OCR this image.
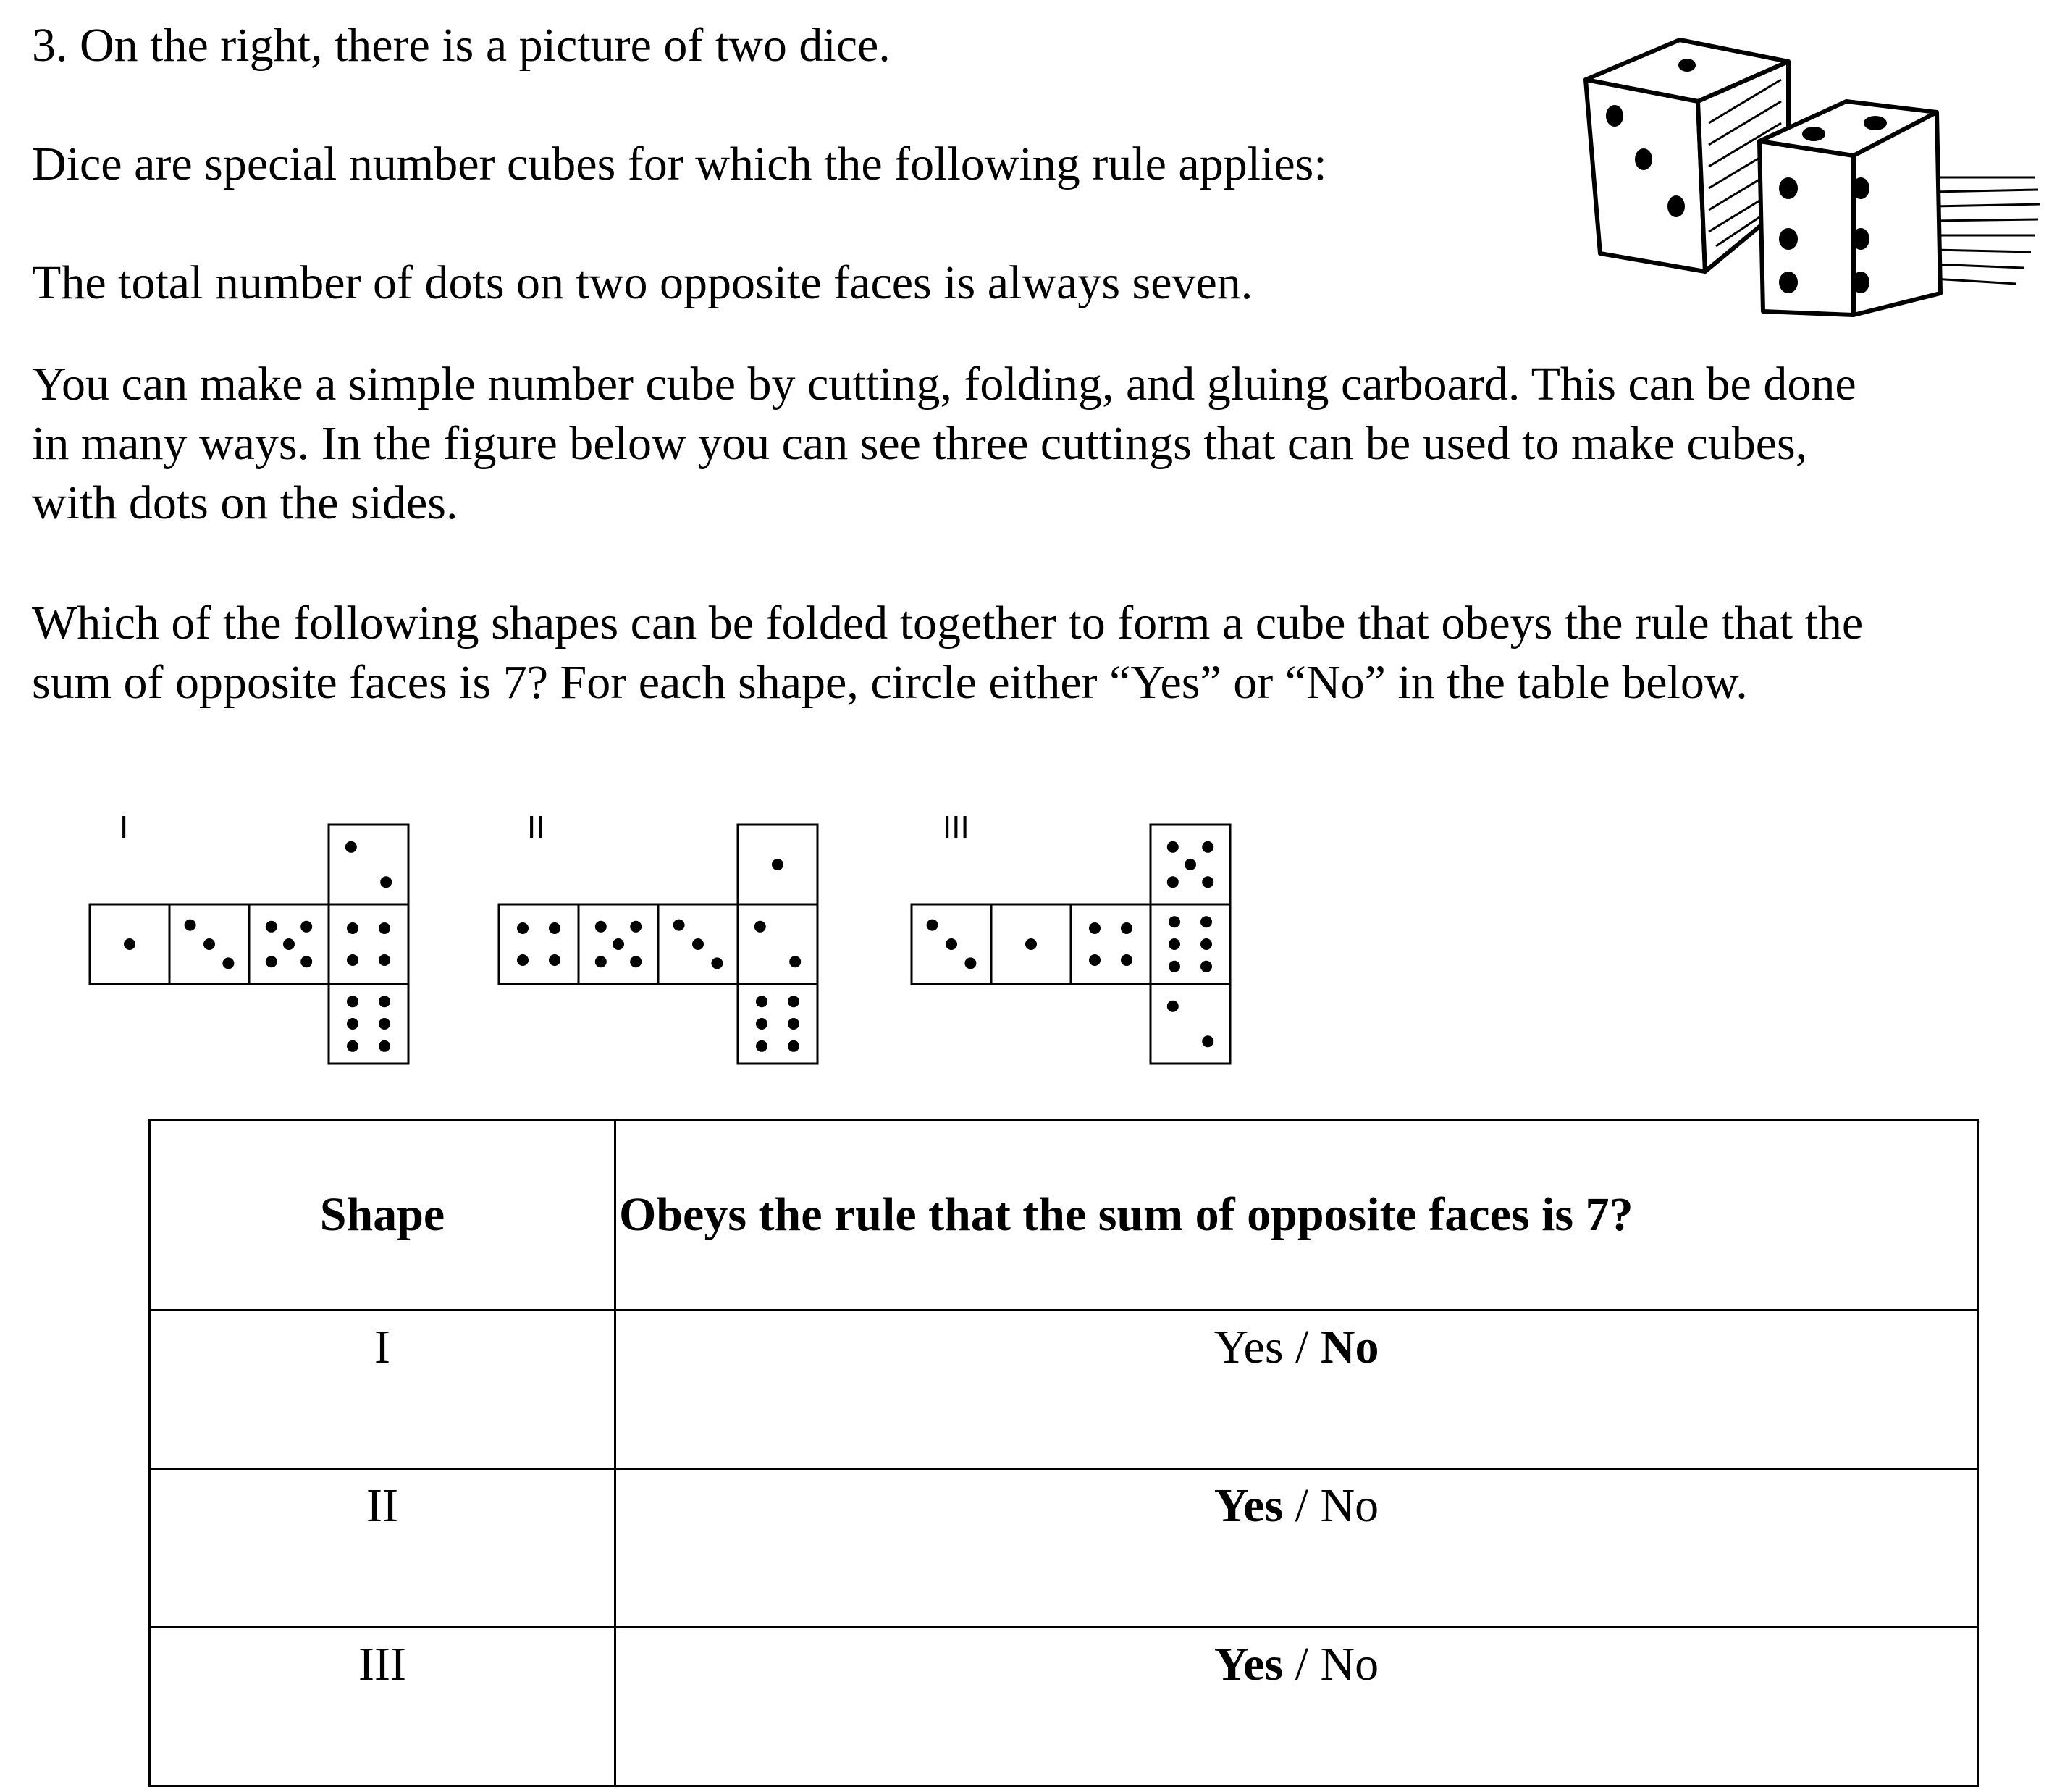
3. On the right, there is a picture of two dice.
Dice are special number cubes for which the following rule applies:
The total number of dots on two opposite faces is always seven.
You can make a simple number cube by cutting, folding, and gluing carboard. This can be done
in many ways. In the figure below you can see three cuttings that can be used to make cubes,
with dots on the sides.
Which of the following shapes can be folded together to form a cube that obeys the rule that the
sum of opposite faces is 7? For each shape, circle either “Yes” or “No” in the table below.
I	II	III
Shape	Obeys the rule that the sum of opposite faces is 7?
I	Yes / No
II	Yes / No
III	Yes / No
